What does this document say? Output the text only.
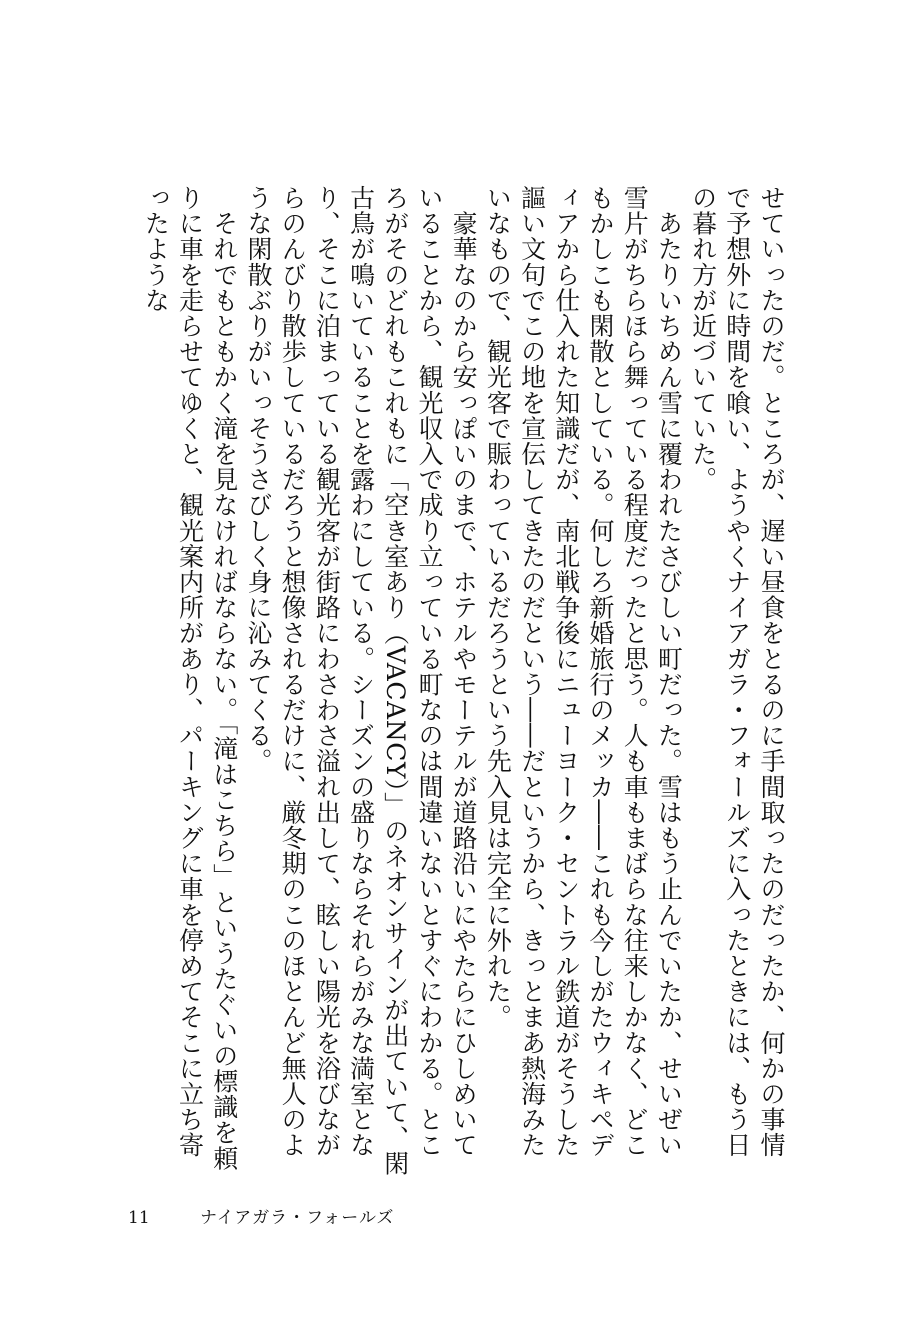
せていったのだ。ところが、遅い昼食をとるのに手間取ったのだったか、何かの事情で予想外に時間を喰い、ようやくナイアガラ・フォールズに入ったときには、もう日の暮れ方が近づいていた。

　あたりいちめん雪に覆われたさびしい町だった。雪はもう止んでいたか、せいぜい雪片がちらほら舞っている程度だったと思う。人も車もまばらな往来しかなく、どこもかしこも閑散としている。何しろ新婚旅行のメッカ――これも今しがたウィキペディアから仕入れた知識だが、南北戦争後にニューヨーク・セントラル鉄道がそうした謳い文句でこの地を宣伝してきたのだという――だというから、きっとまあ熱海みたいなもので、観光客で賑わっているだろうという先入見は完全に外れた。

　豪華なのから安っぽいのまで、ホテルやモーテルが道路沿いにやたらにひしめいていることから、観光収入で成り立っている町なのは間違いないとすぐにわかる。ところがそのどれもこれもに「空き室あり（VACANCY）」のネオンサインが出ていて、閑古鳥が鳴いていることを露わにしている。シーズンの盛りならそれらがみな満室となり、そこに泊まっている観光客が街路にわさわさ溢れ出して、眩しい陽光を浴びながらのんびり散歩しているだろうと想像されるだけに、厳冬期のこのほとんど無人のような閑散ぶりがいっそうさびしく身に沁みてくる。

　それでもともかく滝を見なければならない。「滝はこちら」というたぐいの標識を頼りに車を走らせてゆくと、観光案内所があり、パーキングに車を停めてそこに立ち寄ったような

11	ナイアガラ・フォールズ
